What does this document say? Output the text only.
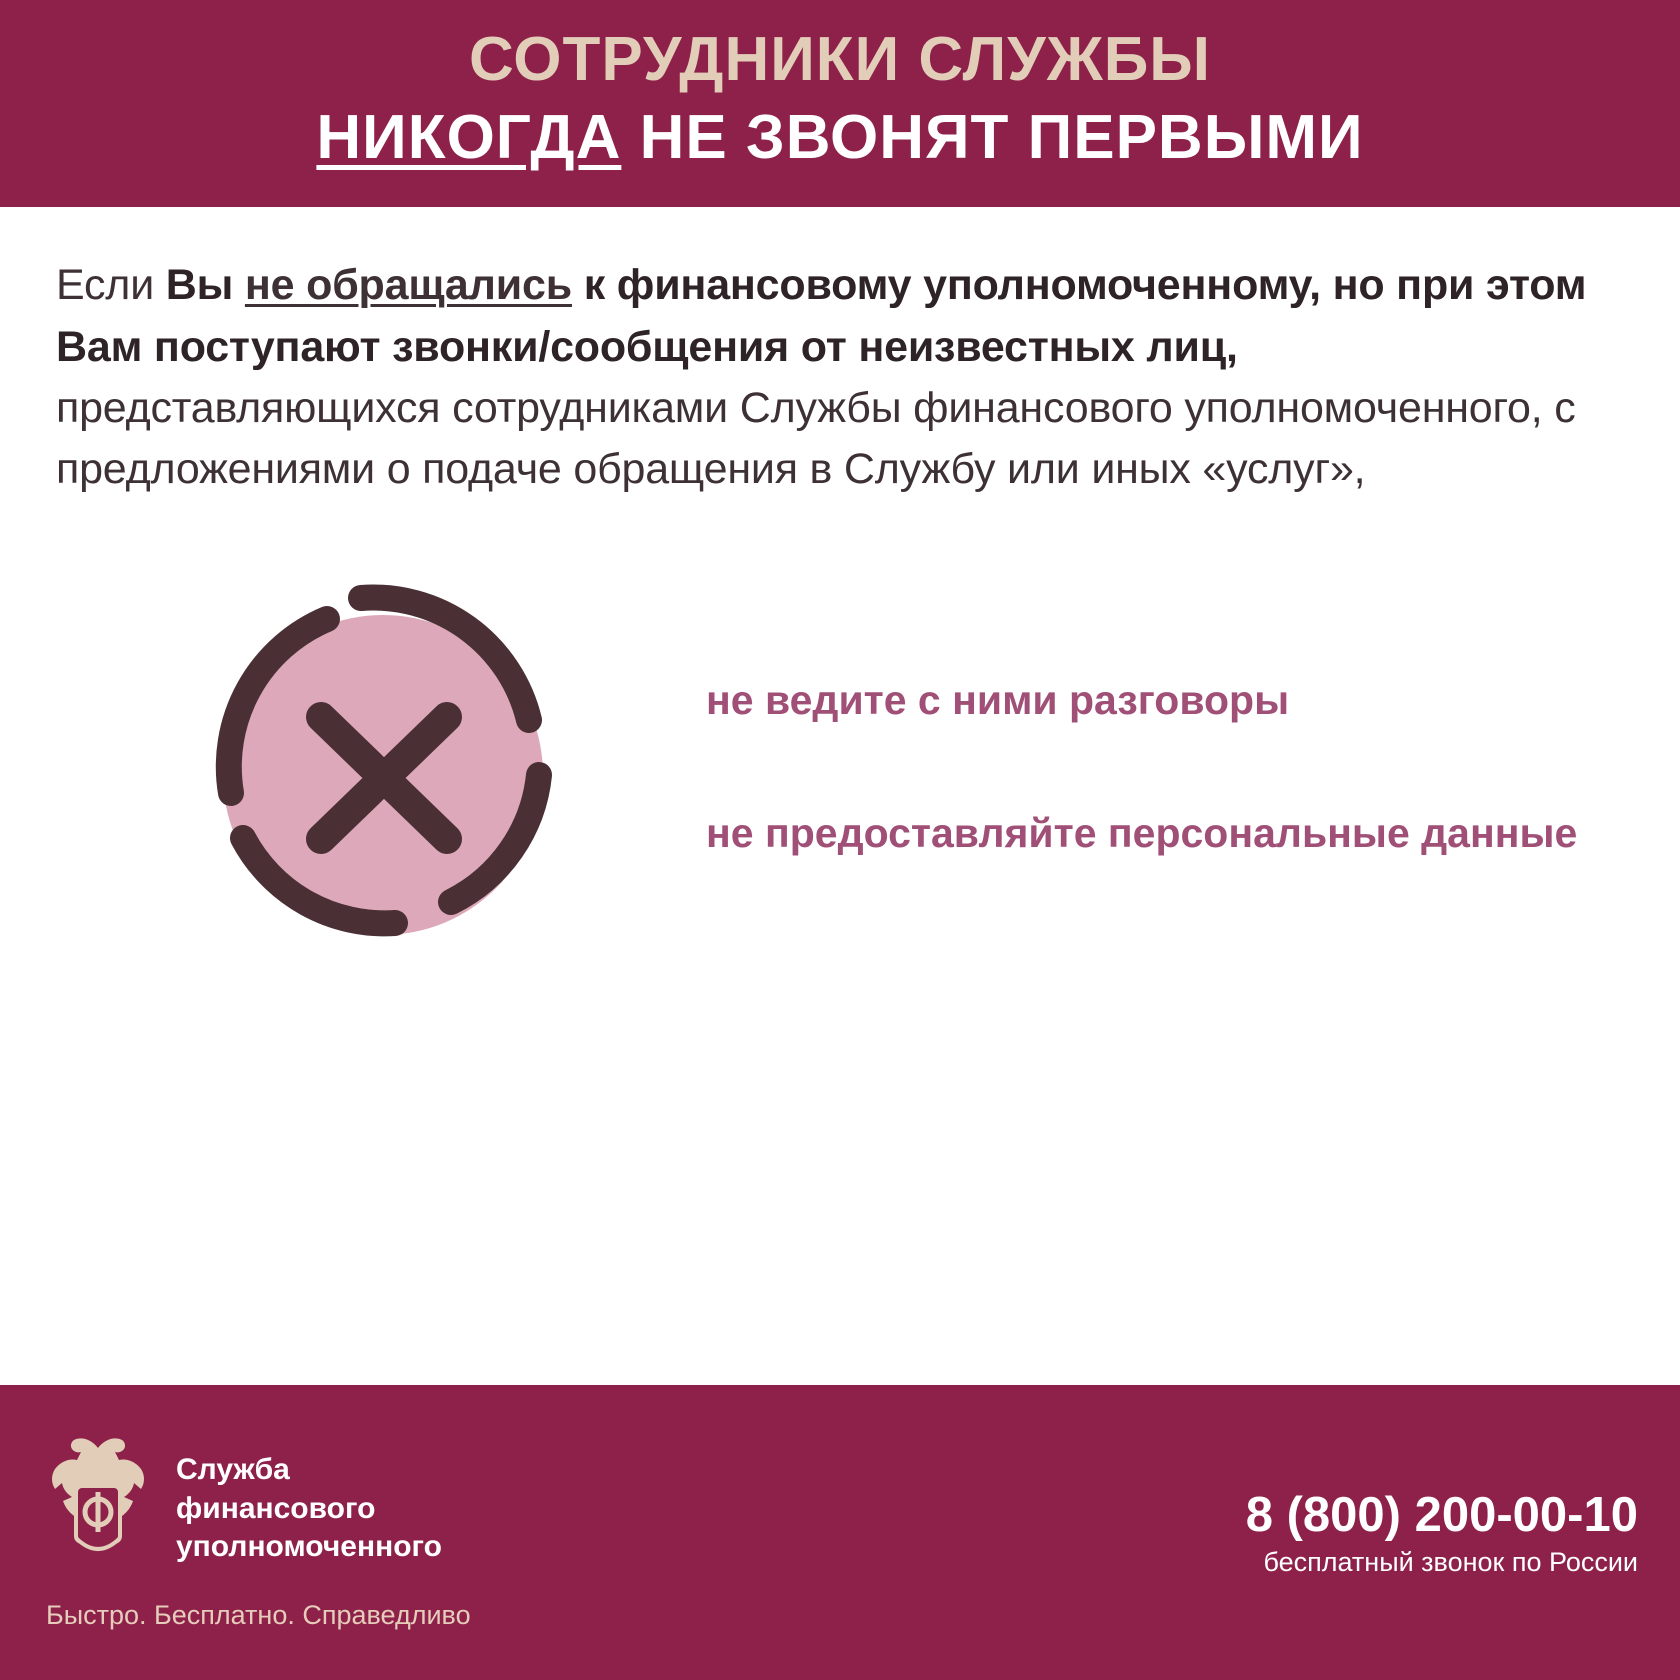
СОТРУДНИКИ СЛУЖБЫ
НИКОГДА НЕ ЗВОНЯТ ПЕРВЫМИ
Если Вы не обращались к финансовому уполномоченному, но при этом Вам поступают звонки/сообщения от неизвестных лиц, представляющихся сотрудниками Службы финансового уполномоченного, с предложениями о подаче обращения в Службу или иных «услуг»,
не ведите с ними разговоры
не предоставляйте персональные данные
Служба
финансового
уполномоченного
Быстро. Бесплатно. Справедливо
8 (800) 200-00-10
бесплатный звонок по России
